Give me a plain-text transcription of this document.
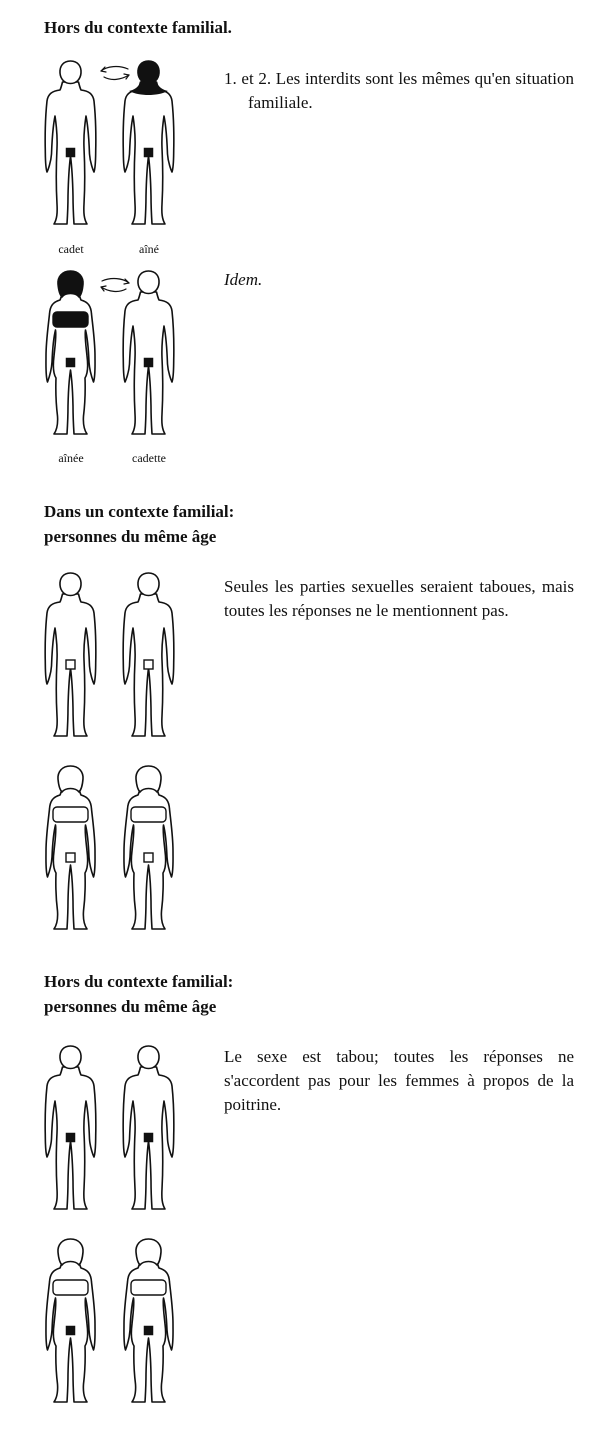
Hors du contexte familial.
cadet	aîné

1. et 2. Les interdits sont les mêmes qu'en situation familiale.

aînée	cadette

Idem.

Dans un contexte familial:
personnes du même âge

Seules les parties sexuelles seraient taboues, mais toutes les réponses ne le mentionnent pas.

Hors du contexte familial:
personnes du même âge

Le sexe est tabou; toutes les réponses ne s'accordent pas pour les femmes à propos de la poitrine.
